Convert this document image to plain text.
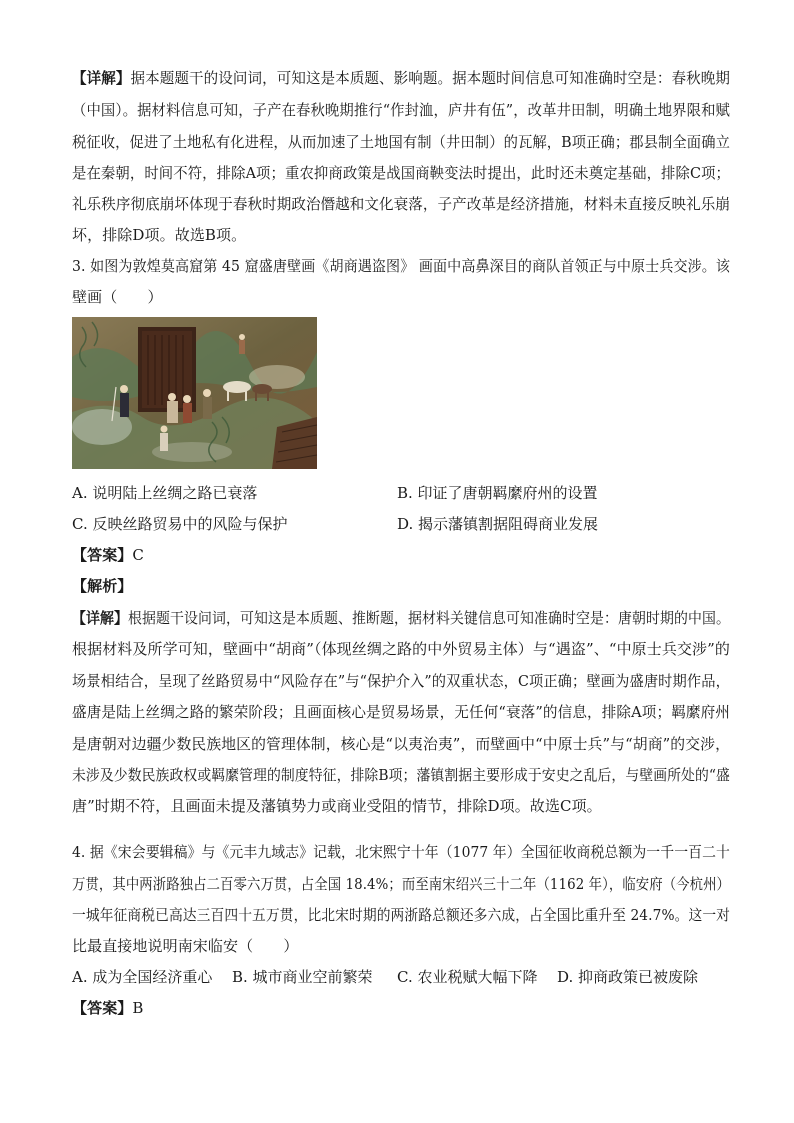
【详解】据本题题干的设问词，可知这是本质题、影响题。据本题时间信息可知准确时空是：春秋晚期
（中国）。据材料信息可知，子产在春秋晚期推行“作封洫，庐井有伍”，改革井田制，明确土地界限和赋
税征收，促进了土地私有化进程，从而加速了土地国有制（井田制）的瓦解，B项正确；郡县制全面确立
是在秦朝，时间不符，排除A项；重农抑商政策是战国商鞅变法时提出，此时还未奠定基础，排除C项；
礼乐秩序彻底崩坏体现于春秋时期政治僭越和文化衰落，子产改革是经济措施，材料未直接反映礼乐崩
坏，排除D项。故选B项。
3. 如图为敦煌莫高窟第 45 窟盛唐壁画《胡商遇盗图》 画面中高鼻深目的商队首领正与中原士兵交涉。该
壁画（　　）
A. 说明陆上丝绸之路已衰落	B. 印证了唐朝羁縻府州的设置
C. 反映丝路贸易中的风险与保护	D. 揭示藩镇割据阻碍商业发展
【答案】C
【解析】
【详解】根据题干设问词，可知这是本质题、推断题，据材料关键信息可知准确时空是：唐朝时期的中国。
根据材料及所学可知，壁画中“胡商”（体现丝绸之路的中外贸易主体）与“遇盗”、“中原士兵交涉”的
场景相结合，呈现了丝路贸易中“风险存在”与“保护介入”的双重状态，C项正确；壁画为盛唐时期作品，
盛唐是陆上丝绸之路的繁荣阶段；且画面核心是贸易场景，无任何“衰落”的信息，排除A项；羁縻府州
是唐朝对边疆少数民族地区的管理体制，核心是“以夷治夷”，而壁画中“中原士兵”与“胡商”的交涉，
未涉及少数民族政权或羁縻管理的制度特征，排除B项；藩镇割据主要形成于安史之乱后，与壁画所处的“盛
唐”时期不符，且画面未提及藩镇势力或商业受阻的情节，排除D项。故选C项。
4. 据《宋会要辑稿》与《元丰九域志》记载，北宋熙宁十年（1077 年）全国征收商税总额为一千一百二十
万贯，其中两浙路独占二百零六万贯，占全国 18.4%；而至南宋绍兴三十二年（1162 年），临安府（今杭州）
一城年征商税已高达三百四十五万贯，比北宋时期的两浙路总额还多六成，占全国比重升至 24.7%。这一对
比最直接地说明南宋临安（　　）
A. 成为全国经济重心 B. 城市商业空前繁荣 C. 农业税赋大幅下降 D. 抑商政策已被废除
【答案】B
